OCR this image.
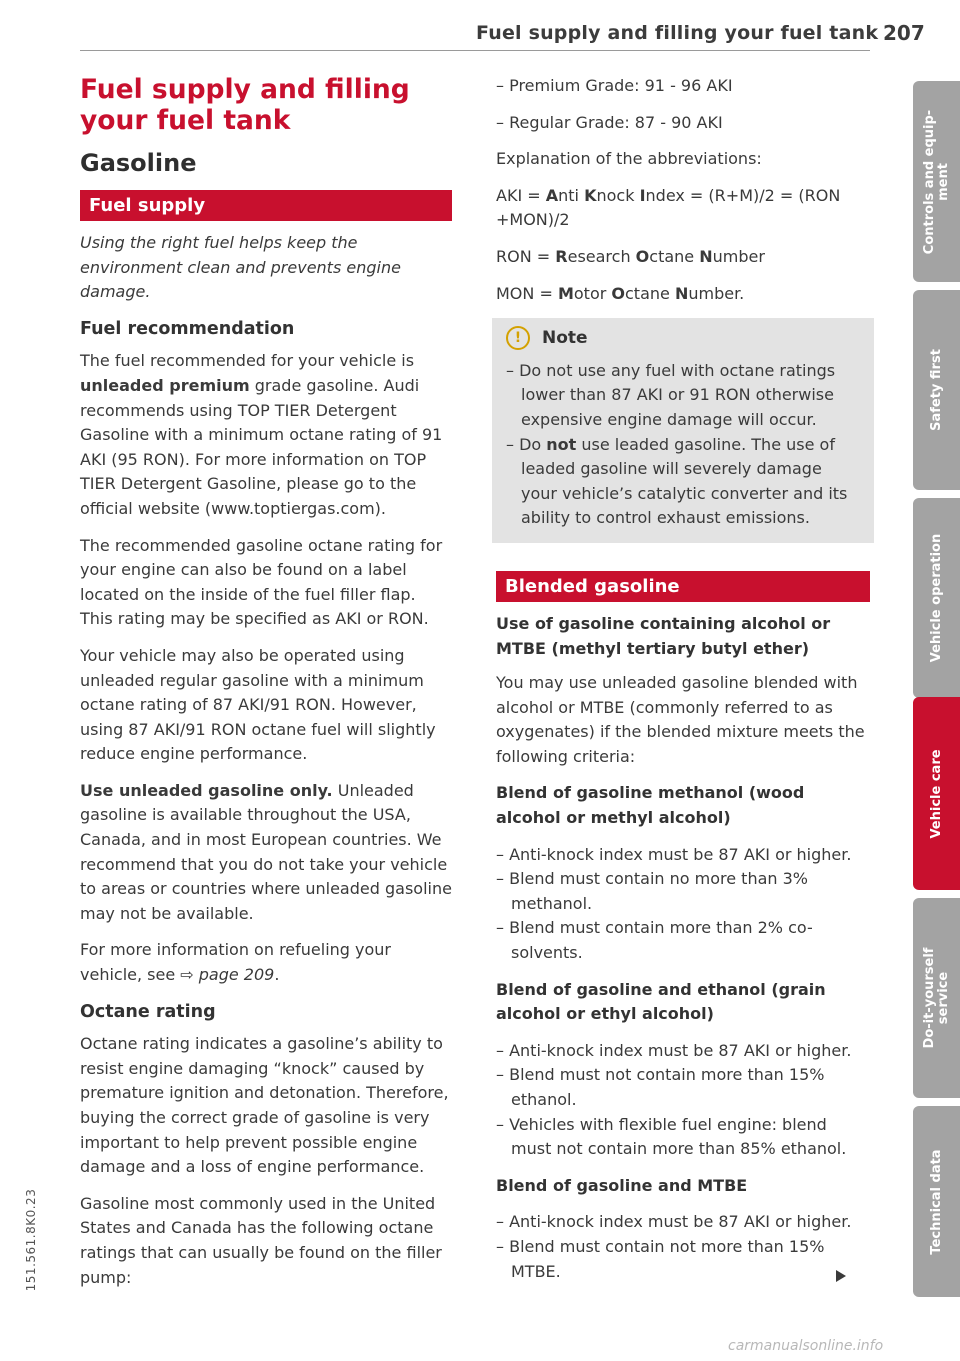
Fuel supply and filling your fuel tank 207
Fuel supply and filling your fuel tank
Gasoline
Fuel supply

Using the right fuel helps keep the environment clean and prevents engine damage.

Fuel recommendation

The fuel recommended for your vehicle is unleaded premium grade gasoline. Audi recommends using TOP TIER Detergent Gasoline with a minimum octane rating of 91 AKI (95 RON). For more information on TOP TIER Detergent Gasoline, please go to the official website (www.toptiergas.com).

The recommended gasoline octane rating for your engine can also be found on a label located on the inside of the fuel filler flap. This rating may be specified as AKI or RON.

Your vehicle may also be operated using unleaded regular gasoline with a minimum octane rating of 87 AKI/91 RON. However, using 87 AKI/91 RON octane fuel will slightly reduce engine performance.

Use unleaded gasoline only. Unleaded gasoline is available throughout the USA, Canada, and in most European countries. We recommend that you do not take your vehicle to areas or countries where unleaded gasoline may not be available.

For more information on refueling your vehicle, see ⇨ page 209.

Octane rating

Octane rating indicates a gasoline’s ability to resist engine damaging “knock” caused by premature ignition and detonation. Therefore, buying the correct grade of gasoline is very important to help prevent possible engine damage and a loss of engine performance.

Gasoline most commonly used in the United States and Canada has the following octane ratings that can usually be found on the filler pump:

– Premium Grade: 91 - 96 AKI

– Regular Grade: 87 - 90 AKI

Explanation of the abbreviations:

AKI = Anti Knock Index = (R+M)/2 = (RON +MON)/2

RON = Research Octane Number

MON = Motor Octane Number.

!	Note

– Do not use any fuel with octane ratings lower than 87 AKI or 91 RON otherwise expensive engine damage will occur.

– Do not use leaded gasoline. The use of leaded gasoline will severely damage your vehicle’s catalytic converter and its ability to control exhaust emissions.

Blended gasoline

Use of gasoline containing alcohol or MTBE (methyl tertiary butyl ether)

You may use unleaded gasoline blended with alcohol or MTBE (commonly referred to as oxygenates) if the blended mixture meets the following criteria:

Blend of gasoline methanol (wood alcohol or methyl alcohol)

– Anti-knock index must be 87 AKI or higher.

– Blend must contain no more than 3% methanol.

– Blend must contain more than 2% co-solvents.

Blend of gasoline and ethanol (grain alcohol or ethyl alcohol)

– Anti-knock index must be 87 AKI or higher.

– Blend must not contain more than 15% ethanol.

– Vehicles with flexible fuel engine: blend must not contain more than 85% ethanol.

Blend of gasoline and MTBE

– Anti-knock index must be 87 AKI or higher.

– Blend must contain not more than 15% MTBE.

Controls and equip-
ment
Safety first
Vehicle operation
Vehicle care
Do-it-yourself
service
Technical data
151.561.8K0.23
carmanualsonline.info
